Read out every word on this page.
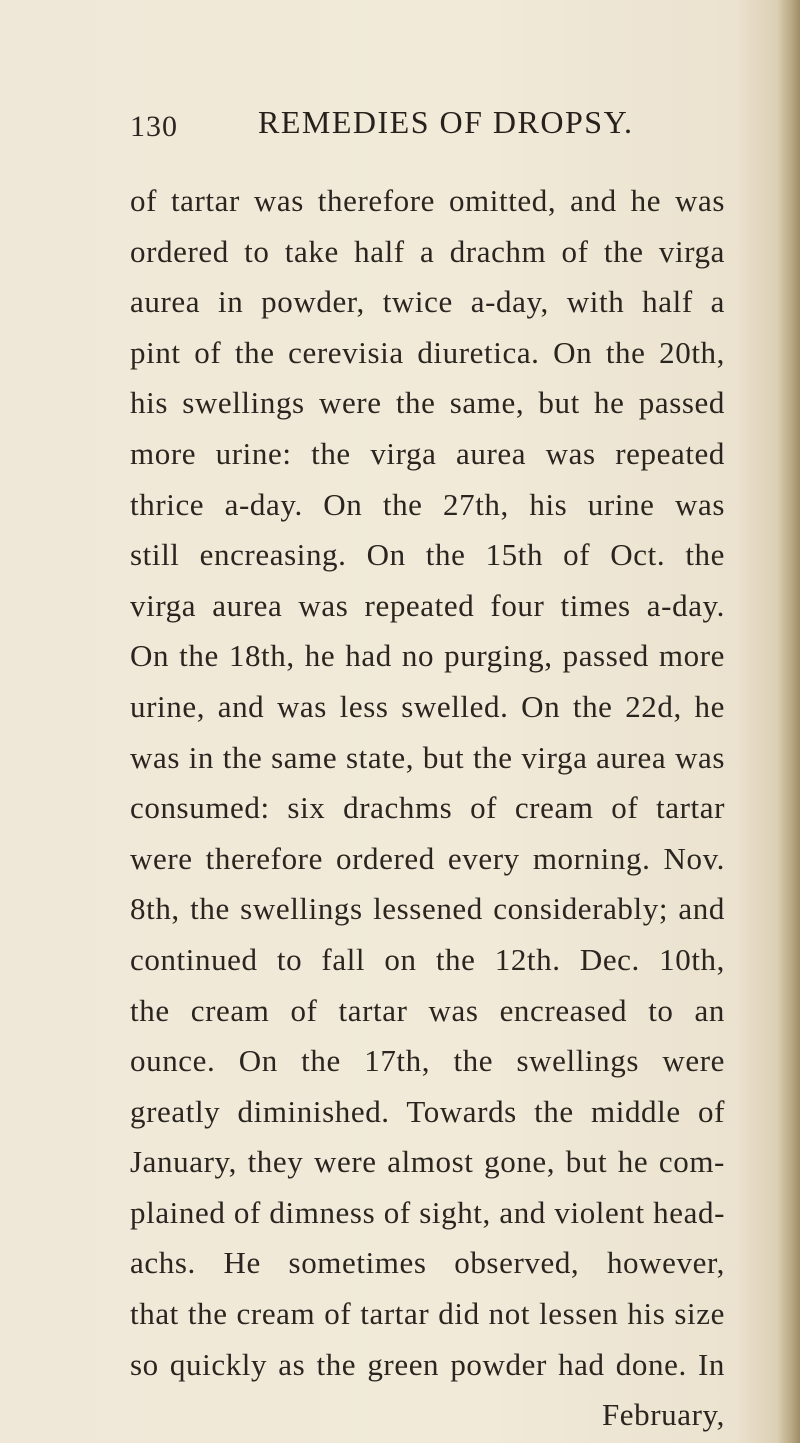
130	REMEDIES OF DROPSY.
of tartar was therefore omitted, and he was
ordered to take half a drachm of the virga
aurea in powder, twice a-day, with half a
pint of the cerevisia diuretica. On the 20th,
his swellings were the same, but he passed
more urine: the virga aurea was repeated
thrice a-day. On the 27th, his urine was
still encreasing. On the 15th of Oct. the
virga aurea was repeated four times a-day.
On the 18th, he had no purging, passed more
urine, and was less swelled. On the 22d, he
was in the same state, but the virga aurea was
consumed: six drachms of cream of tartar
were therefore ordered every morning. Nov.
8th, the swellings lessened considerably; and
continued to fall on the 12th. Dec. 10th,
the cream of tartar was encreased to an
ounce. On the 17th, the swellings were
greatly diminished. Towards the middle of
January, they were almost gone, but he com-
plained of dimness of sight, and violent head-
achs. He sometimes observed, however,
that the cream of tartar did not lessen his size
so quickly as the green powder had done. In
February,
